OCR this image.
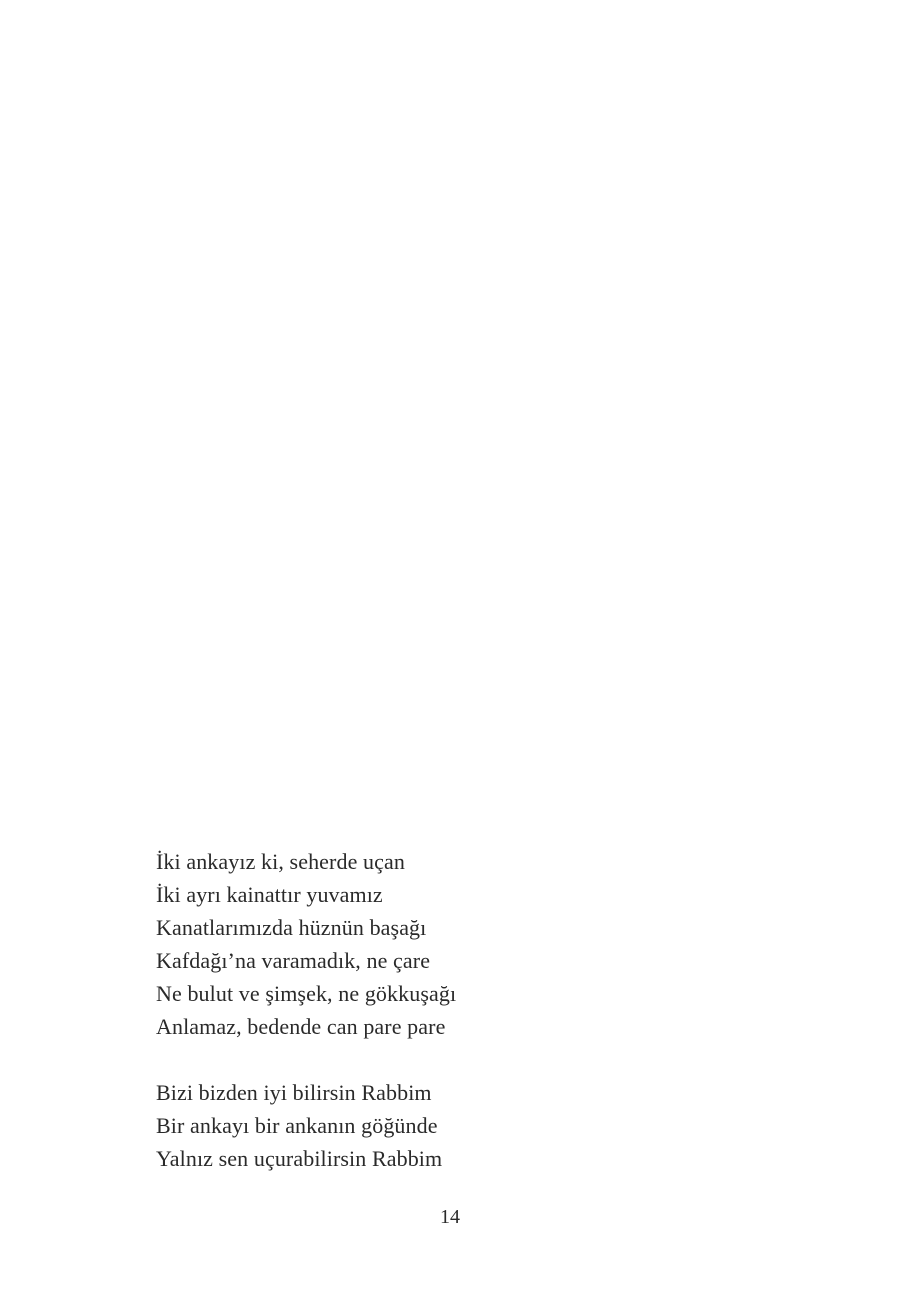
İki ankayız ki, seherde uçan
İki ayrı kainattır yuvamız
Kanatlarımızda hüznün başağı
Kafdağı’na varamadık, ne çare
Ne bulut ve şimşek, ne gökkuşağı
Anlamaz, bedende can pare pare
Bizi bizden iyi bilirsin Rabbim
Bir ankayı bir ankanın göğünde
Yalnız sen uçurabilirsin Rabbim
14
